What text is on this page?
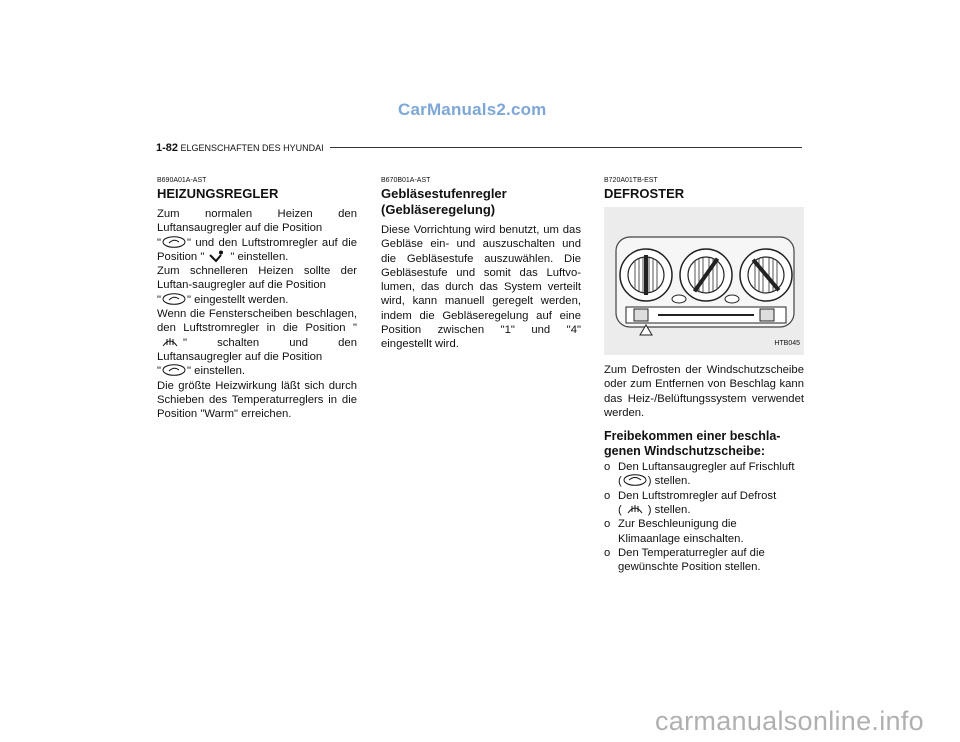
CarManuals2.com
1-82 ELGENSCHAFTEN DES HYUNDAI
B690A01A-AST
HEIZUNGSREGLER

Zum normalen Heizen den Luftansaugregler auf die Position
" " und den Luftstromregler auf die Position " " einstellen.
Zum schnelleren Heizen sollte der Luftan-saugregler auf die Position
" " eingestellt werden.
Wenn die Fensterscheiben beschlagen, den Luftstromregler in die Position "" schalten und den Luftansaugregler auf die Position
" " einstellen.
Die größte Heizwirkung läßt sich durch Schieben des Temperaturreglers in die Position "Warm" erreichen.

B670B01A-AST
Gebläsestufenregler
(Gebläseregelung)

Diese Vorrichtung wird benutzt, um das Gebläse ein- und auszuschalten und die Gebläsestufe auszuwählen. Die Gebläsestufe und somit das Luftvo-lumen, das durch das System verteilt wird, kann manuell geregelt werden, indem die Gebläseregelung auf eine Position zwischen "1" und "4" eingestellt wird.

B720A01TB-EST
DEFROSTER
HTB045

Zum Defrosten der Windschutzscheibe oder zum Entfernen von Beschlag kann das Heiz-/Belüftungssystem verwendet werden.

Freibekommen einer beschla-genen Windschutzscheibe:
o Den Luftansaugregler auf Frischluft
( ) stellen.
o Den Luftstromregler auf Defrost
( ) stellen.
o Zur Beschleunigung die
Klimaanlage einschalten.
o Den Temperaturregler auf die
gewünschte Position stellen.
carmanualsonline.info
